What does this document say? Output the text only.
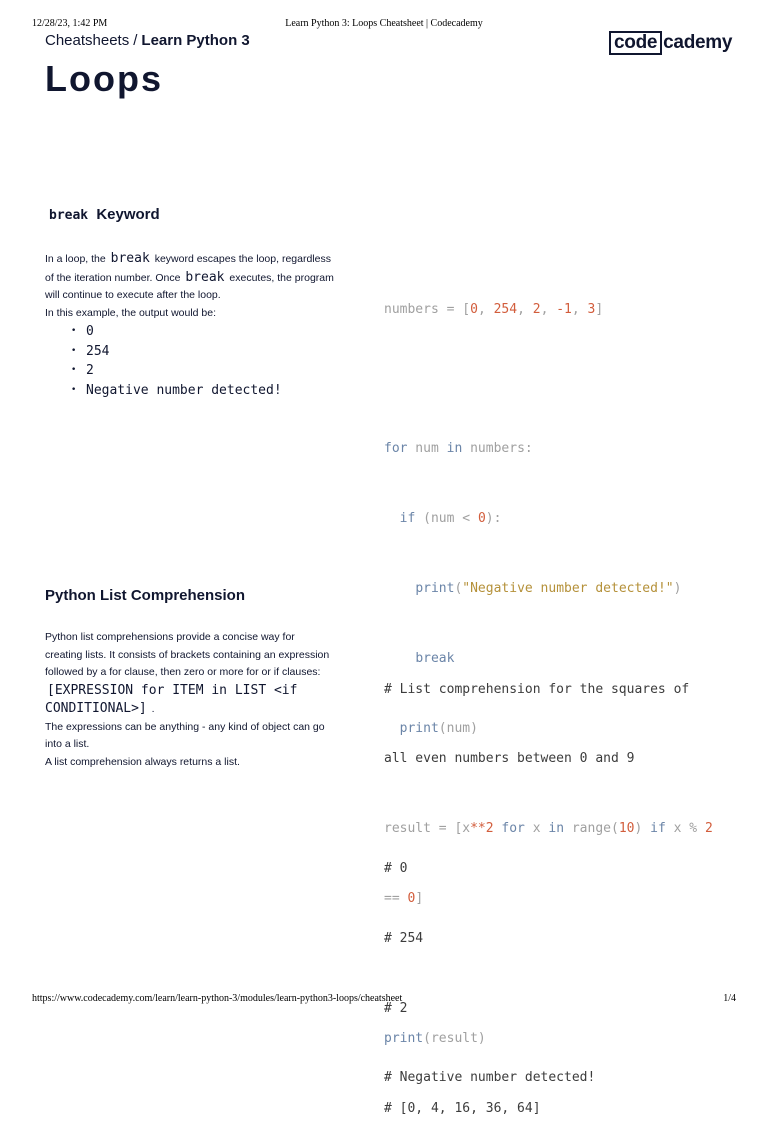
12/28/23, 1:42 PM	Learn Python 3: Loops Cheatsheet | Codecademy
Cheatsheets / Learn Python 3	code cademy
Loops
break Keyword
In a loop, the break keyword escapes the loop, regardless of the iteration number. Once break executes, the program will continue to execute after the loop.
In this example, the output would be:
• 0
• 254
• 2
• Negative number detected!

numbers = [0, 254, 2, -1, 3]

for num in numbers:

if (num < 0):

print("Negative number detected!")

break

print(num)

# 0

# 254

# 2

# Negative number detected!

Python List Comprehension
Python list comprehensions provide a concise way for creating lists. It consists of brackets containing an expression followed by a for clause, then zero or more for or if clauses: [EXPRESSION for ITEM in LIST <if CONDITIONAL>] .
The expressions can be anything - any kind of object can go into a list.
A list comprehension always returns a list.

# List comprehension for the squares of

all even numbers between 0 and 9

result = [x**2 for x in range(10) if x % 2

== 0]

print(result)

# [0, 4, 16, 36, 64]

https://www.codecademy.com/learn/learn-python-3/modules/learn-python3-loops/cheatsheet	1/4
